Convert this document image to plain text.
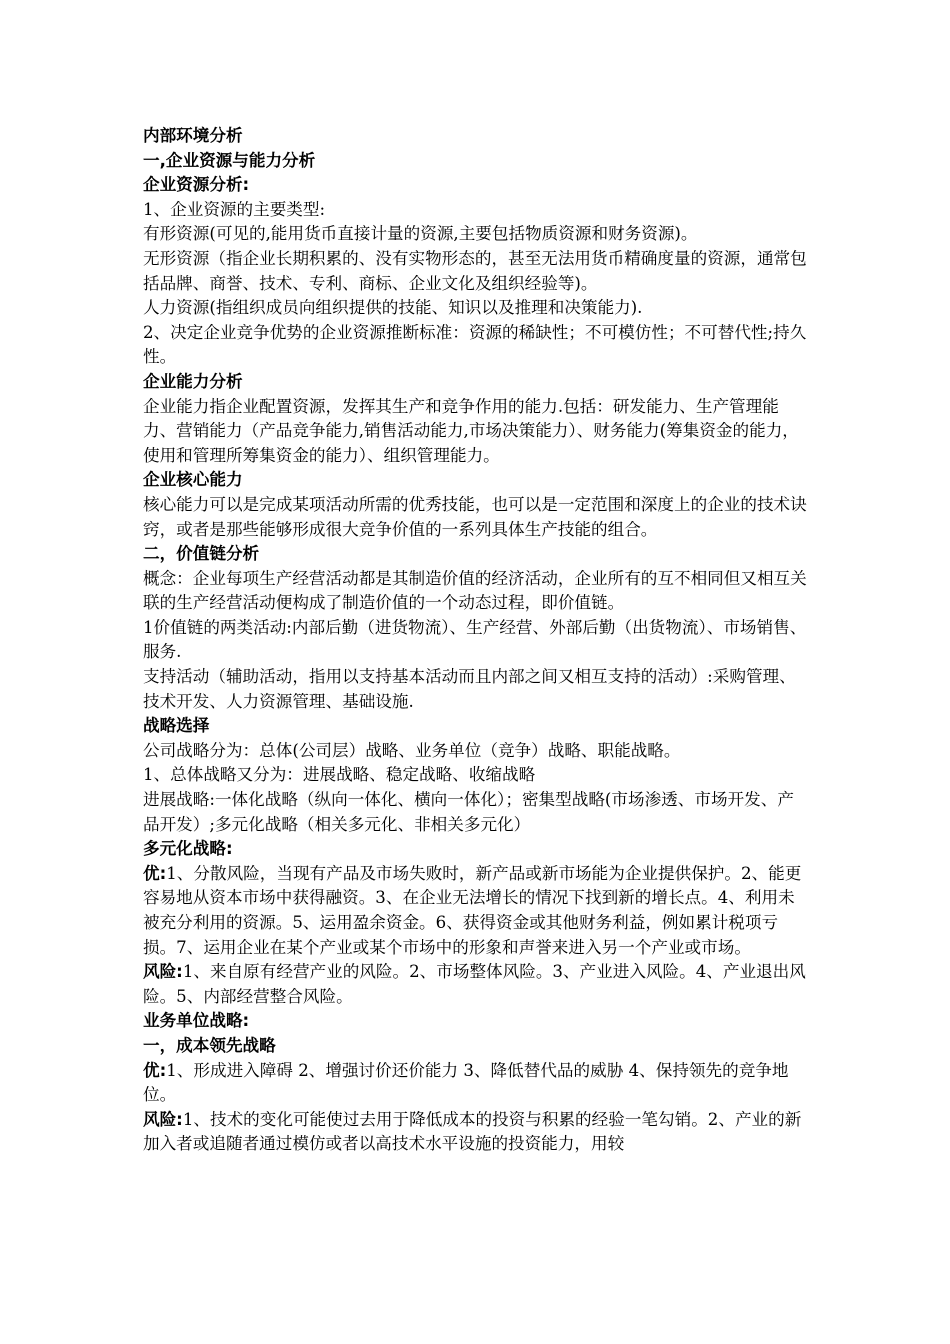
内部环境分析

一,企业资源与能力分析

企业资源分析:

1、企业资源的主要类型:

有形资源(可见的,能用货币直接计量的资源,主要包括物质资源和财务资源)。

无形资源（指企业长期积累的、没有实物形态的，甚至无法用货币精确度量的资源，通常包括品牌、商誉、技术、专利、商标、企业文化及组织经验等)。

人力资源(指组织成员向组织提供的技能、知识以及推理和决策能力).

2、决定企业竞争优势的企业资源推断标准：资源的稀缺性；不可模仿性；不可替代性;持久性。

企业能力分析

企业能力指企业配置资源，发挥其生产和竞争作用的能力.包括：研发能力、生产管理能力、营销能力（产品竞争能力,销售活动能力,市场决策能力）、财务能力(筹集资金的能力，使用和管理所筹集资金的能力）、组织管理能力。

企业核心能力

核心能力可以是完成某项活动所需的优秀技能，也可以是一定范围和深度上的企业的技术诀窍，或者是那些能够形成很大竞争价值的一系列具体生产技能的组合。

二，价值链分析

概念：企业每项生产经营活动都是其制造价值的经济活动，企业所有的互不相同但又相互关联的生产经营活动便构成了制造价值的一个动态过程，即价值链。

1价值链的两类活动:内部后勤（进货物流）、生产经营、外部后勤（出货物流）、市场销售、服务.

支持活动（辅助活动，指用以支持基本活动而且内部之间又相互支持的活动）:采购管理、技术开发、人力资源管理、基础设施.

战略选择

公司战略分为：总体(公司层）战略、业务单位（竞争）战略、职能战略。

1、总体战略又分为：进展战略、稳定战略、收缩战略

进展战略:一体化战略（纵向一体化、横向一体化）；密集型战略(市场渗透、市场开发、产品开发）;多元化战略（相关多元化、非相关多元化）

多元化战略:

优:1、分散风险，当现有产品及市场失败时，新产品或新市场能为企业提供保护。2、能更容易地从资本市场中获得融资。3、在企业无法增长的情况下找到新的增长点。4、利用未被充分利用的资源。5、运用盈余资金。6、获得资金或其他财务利益，例如累计税项亏损。7、运用企业在某个产业或某个市场中的形象和声誉来进入另一个产业或市场。

风险:1、来自原有经营产业的风险。2、市场整体风险。3、产业进入风险。4、产业退出风险。5、内部经营整合风险。

业务单位战略:

一，成本领先战略

优:1、形成进入障碍 2、增强讨价还价能力 3、降低替代品的威胁 4、保持领先的竞争地位。

风险:1、技术的变化可能使过去用于降低成本的投资与积累的经验一笔勾销。2、产业的新加入者或追随者通过模仿或者以高技术水平设施的投资能力，用较
